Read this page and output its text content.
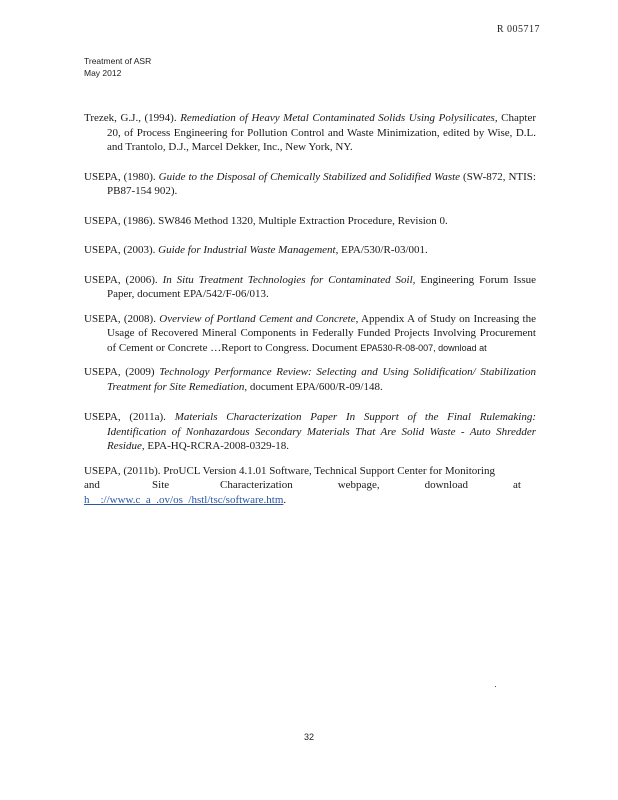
R 005717
Treatment of ASR
May 2012

Trezek, G.J., (1994). Remediation of Heavy Metal Contaminated Solids Using Polysilicates, Chapter 20, of Process Engineering for Pollution Control and Waste Minimization, edited by Wise, D.L. and Trantolo, D.J., Marcel Dekker, Inc., New York, NY.

USEPA, (1980). Guide to the Disposal of Chemically Stabilized and Solidified Waste (SW-872, NTIS: PB87-154 902).

USEPA, (1986). SW846 Method 1320, Multiple Extraction Procedure, Revision 0.

USEPA, (2003). Guide for Industrial Waste Management, EPA/530/R-03/001.

USEPA, (2006). In Situ Treatment Technologies for Contaminated Soil, Engineering Forum Issue Paper, document EPA/542/F-06/013.

USEPA, (2008). Overview of Portland Cement and Concrete, Appendix A of Study on Increasing the Usage of Recovered Mineral Components in Federally Funded Projects Involving Procurement of Cement or Concrete …Report to Congress. Document EPA530-R-08-007, download at

USEPA, (2009) Technology Performance Review: Selecting and Using Solidification/ Stabilization Treatment for Site Remediation, document EPA/600/R-09/148.

USEPA, (2011a). Materials Characterization Paper In Support of the Final Rulemaking: Identification of Nonhazardous Secondary Materials That Are Solid Waste - Auto Shredder Residue, EPA-HQ-RCRA-2008-0329-18.

USEPA, (2011b). ProUCL Version 4.1.01 Software, Technical Support Center for Monitoring
and	Site	Characterization	webpage,	download	at
h__://www.c_a_.ov/os_/hstl/tsc/software.htm.
32
